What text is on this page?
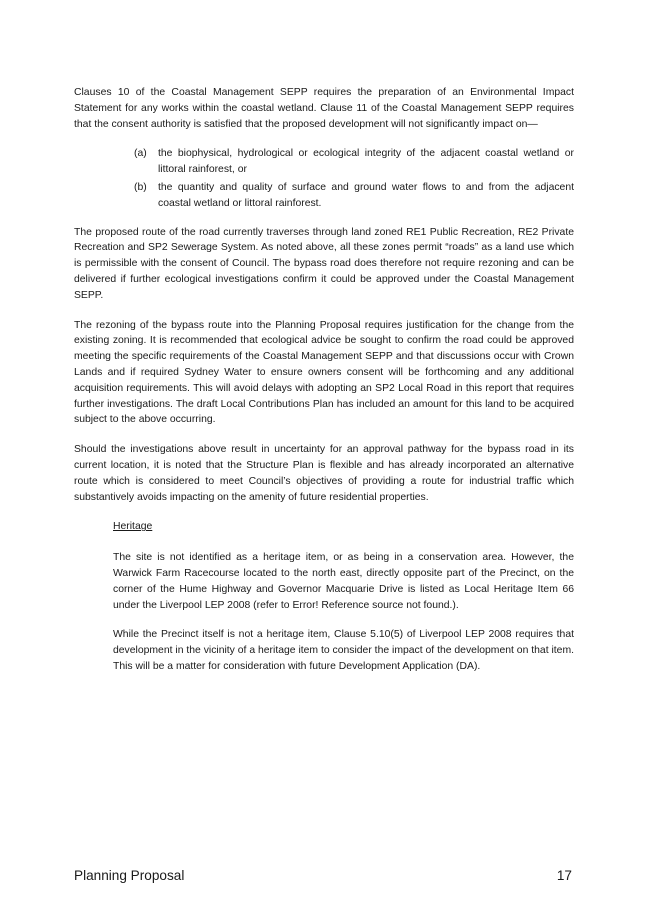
Clauses 10 of the Coastal Management SEPP requires the preparation of an Environmental Impact Statement for any works within the coastal wetland. Clause 11 of the Coastal Management SEPP requires that the consent authority is satisfied that the proposed development will not significantly impact on—

(a) the biophysical, hydrological or ecological integrity of the adjacent coastal wetland or littoral rainforest, or
(b) the quantity and quality of surface and ground water flows to and from the adjacent coastal wetland or littoral rainforest.

The proposed route of the road currently traverses through land zoned RE1 Public Recreation, RE2 Private Recreation and SP2 Sewerage System. As noted above, all these zones permit “roads” as a land use which is permissible with the consent of Council. The bypass road does therefore not require rezoning and can be delivered if further ecological investigations confirm it could be approved under the Coastal Management SEPP.

The rezoning of the bypass route into the Planning Proposal requires justification for the change from the existing zoning. It is recommended that ecological advice be sought to confirm the road could be approved meeting the specific requirements of the Coastal Management SEPP and that discussions occur with Crown Lands and if required Sydney Water to ensure owners consent will be forthcoming and any additional acquisition requirements. This will avoid delays with adopting an SP2 Local Road in this report that requires further investigations. The draft Local Contributions Plan has included an amount for this land to be acquired subject to the above occurring.

Should the investigations above result in uncertainty for an approval pathway for the bypass road in its current location, it is noted that the Structure Plan is flexible and has already incorporated an alternative route which is considered to meet Council’s objectives of providing a route for industrial traffic which substantively avoids impacting on the amenity of future residential properties.

Heritage

The site is not identified as a heritage item, or as being in a conservation area. However, the Warwick Farm Racecourse located to the north east, directly opposite part of the Precinct, on the corner of the Hume Highway and Governor Macquarie Drive is listed as Local Heritage Item 66 under the Liverpool LEP 2008 (refer to Error! Reference source not found.).

While the Precinct itself is not a heritage item, Clause 5.10(5) of Liverpool LEP 2008 requires that development in the vicinity of a heritage item to consider the impact of the development on that item. This will be a matter for consideration with future Development Application (DA).

Planning Proposal	17
